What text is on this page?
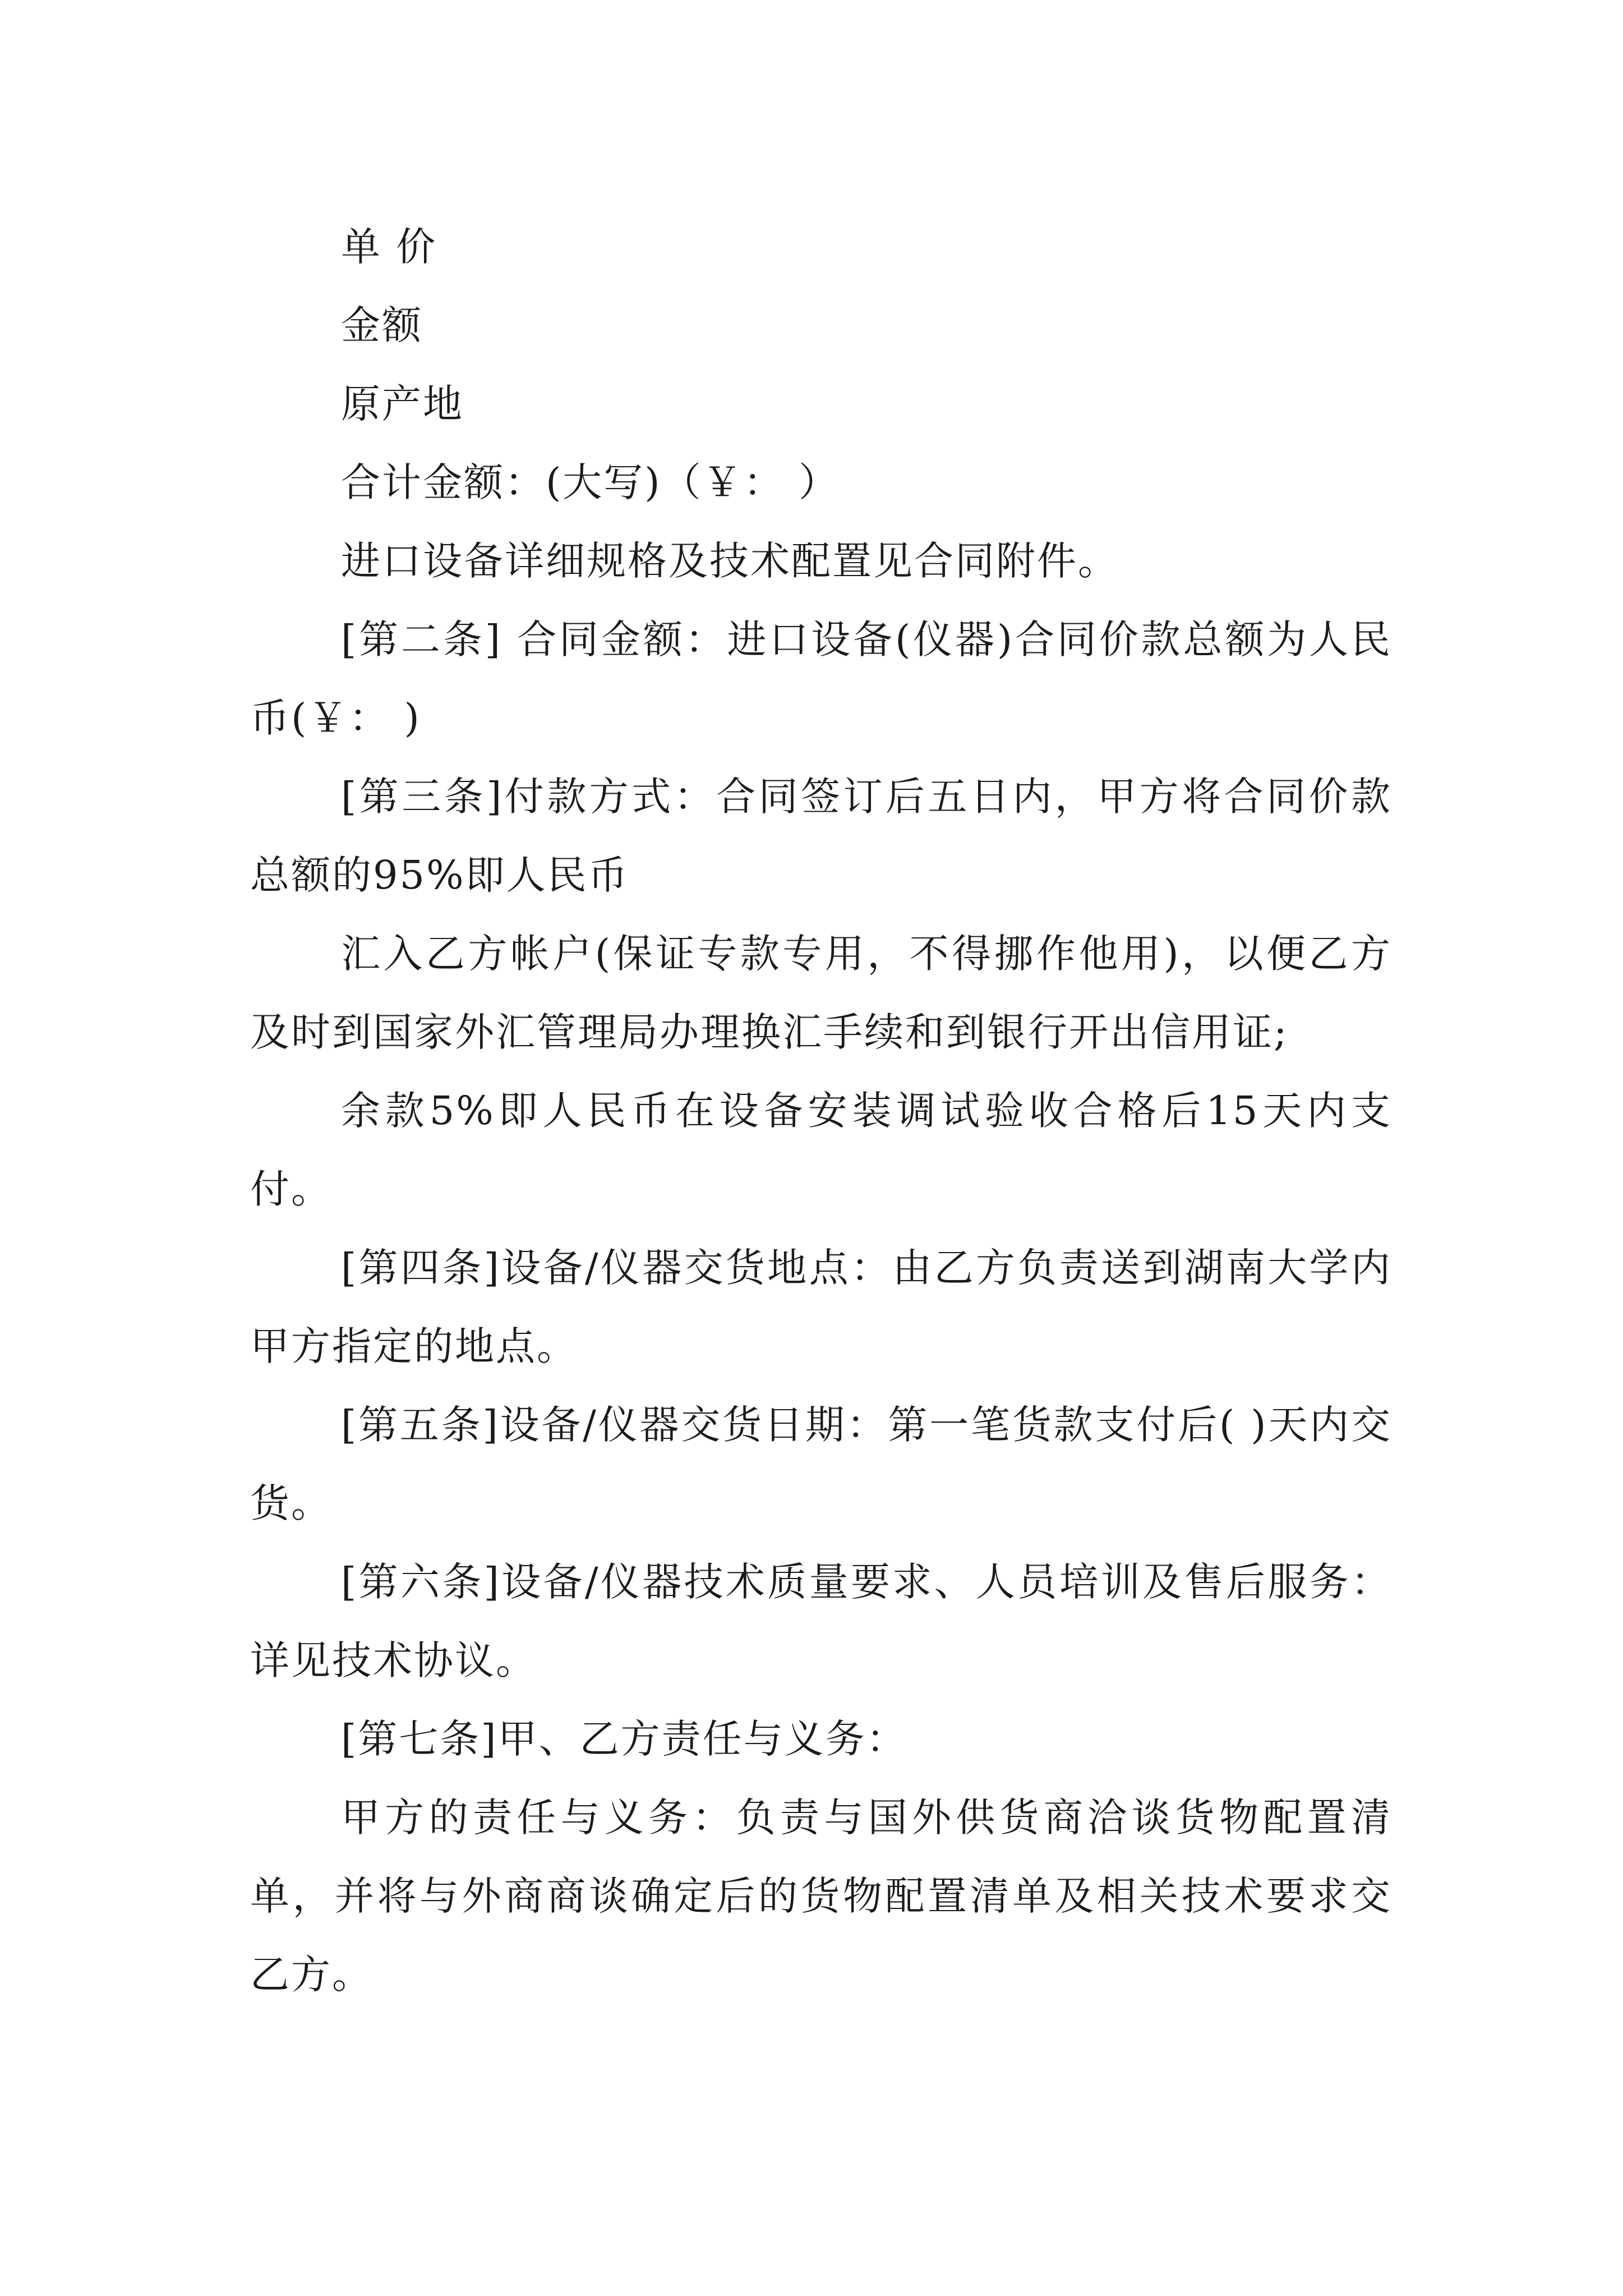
单 价

金额

原产地

合计金额：(大写)（￥： ）

进口设备详细规格及技术配置见合同附件。

[第二条] 合同金额：进口设备(仪器)合同价款总额为人民币(￥： )

[第三条]付款方式：合同签订后五日内，甲方将合同价款总额的95%即人民币

汇入乙方帐户(保证专款专用，不得挪作他用)，以便乙方及时到国家外汇管理局办理换汇手续和到银行开出信用证;

余款5%即人民币在设备安装调试验收合格后15天内支付。

[第四条]设备/仪器交货地点：由乙方负责送到湖南大学内甲方指定的地点。

[第五条]设备/仪器交货日期：第一笔货款支付后( )天内交货。

[第六条]设备/仪器技术质量要求、人员培训及售后服务：详见技术协议。

[第七条]甲、乙方责任与义务：

甲方的责任与义务：负责与国外供货商洽谈货物配置清单，并将与外商商谈确定后的货物配置清单及相关技术要求交乙方。
